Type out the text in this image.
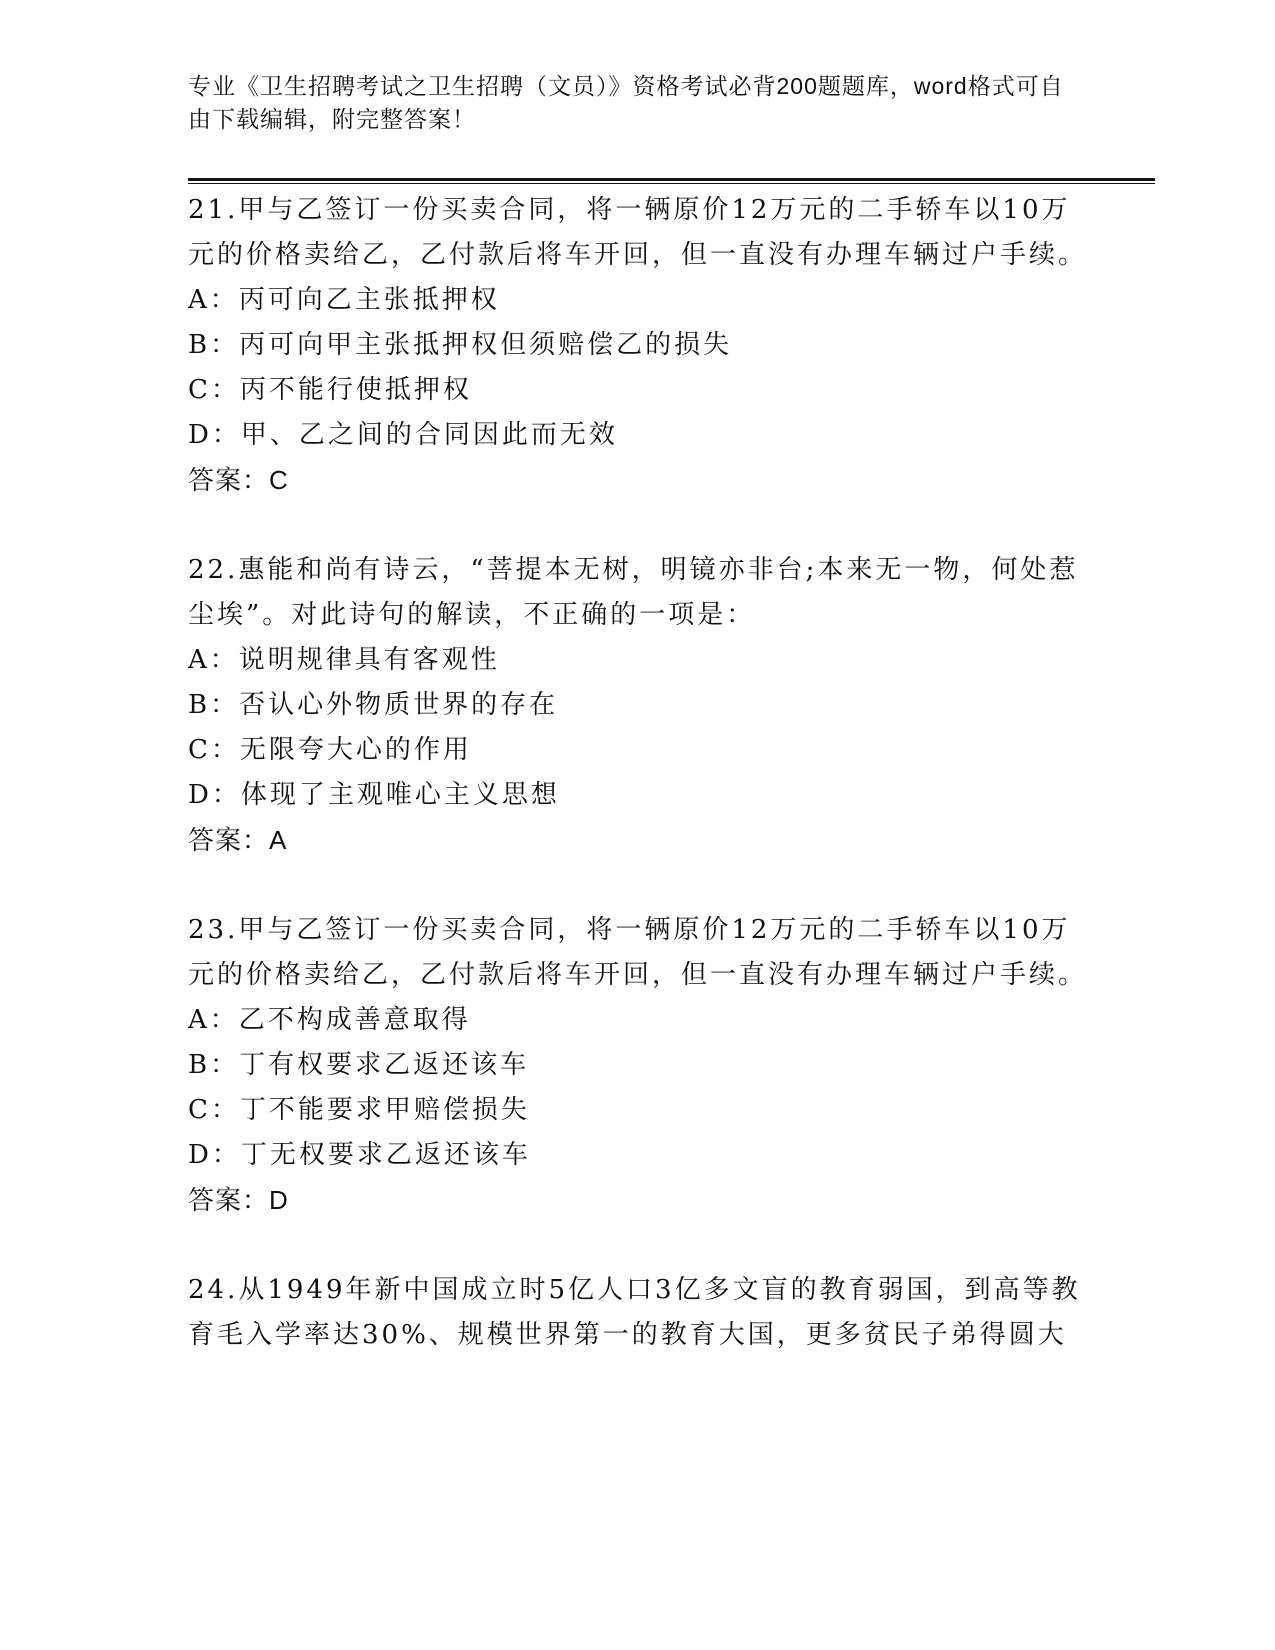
专业《卫生招聘考试之卫生招聘（文员）》资格考试必背200题题库，word格式可自由下载编辑，附完整答案！

21.甲与乙签订一份买卖合同，将一辆原价12万元的二手轿车以10万元的价格卖给乙，乙付款后将车开回，但一直没有办理车辆过户手续。

A：丙可向乙主张抵押权

B：丙可向甲主张抵押权但须赔偿乙的损失

C：丙不能行使抵押权

D：甲、乙之间的合同因此而无效

答案：C

22.惠能和尚有诗云，“菩提本无树，明镜亦非台;本来无一物，何处惹尘埃”。对此诗句的解读，不正确的一项是：

A：说明规律具有客观性

B：否认心外物质世界的存在

C：无限夸大心的作用

D：体现了主观唯心主义思想

答案：A

23.甲与乙签订一份买卖合同，将一辆原价12万元的二手轿车以10万元的价格卖给乙，乙付款后将车开回，但一直没有办理车辆过户手续。

A：乙不构成善意取得

B：丁有权要求乙返还该车

C：丁不能要求甲赔偿损失

D：丁无权要求乙返还该车

答案：D

24.从1949年新中国成立时5亿人口3亿多文盲的教育弱国，到高等教育毛入学率达30%、规模世界第一的教育大国，更多贫民子弟得圆大
